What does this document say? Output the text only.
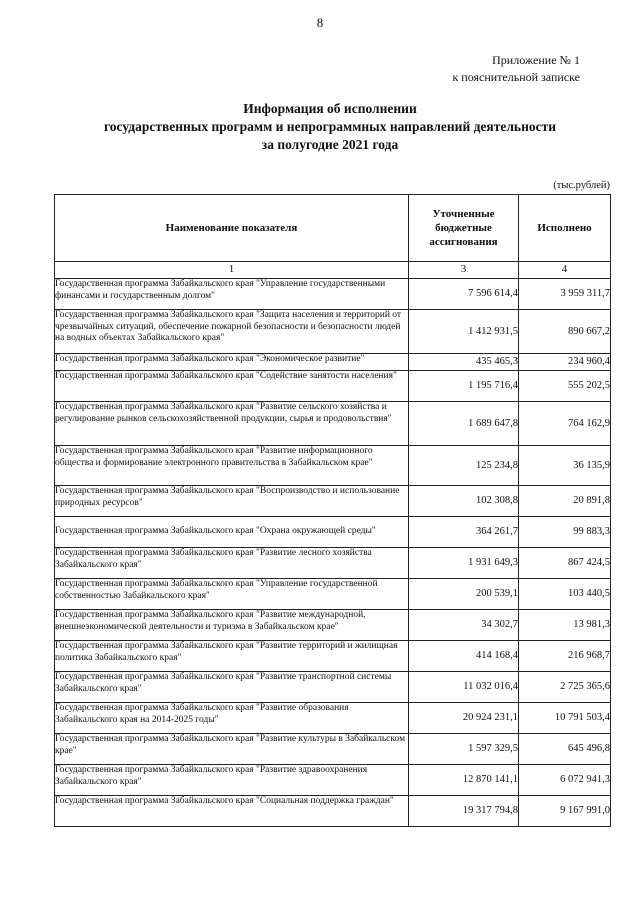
8
Приложение № 1
к пояснительной записке
Информация об исполнении
государственных программ и непрограммных направлений деятельности
за полугодие 2021 года
(тыс.рублей)
Наименование показателя	Уточненные бюджетные ассигнования	Исполнено
1	3	4
Государственная программа Забайкальского края "Управление государственными финансами и государственным долгом"	7 596 614,4	3 959 311,7
Государственная программа Забайкальского края "Защита населения и территорий от чрезвычайных ситуаций, обеспечение пожарной безопасности и безопасности людей на водных объектах Забайкальского края"	1 412 931,5	890 667,2
Государственная программа Забайкальского края "Экономическое развитие"	435 465,3	234 960,4
Государственная программа Забайкальского края "Содействие занятости населения"	1 195 716,4	555 202,5
Государственная программа Забайкальского края "Развитие сельского хозяйства и регулирование рынков сельскохозяйственной продукции, сырья и продовольствия"	1 689 647,8	764 162,9
Государственная программа Забайкальского края "Развитие информационного общества и формирование электронного правительства в Забайкальском крае"	125 234,8	36 135,9
Государственная программа Забайкальского края "Воспроизводство и использование природных ресурсов"	102 308,8	20 891,8
Государственная программа Забайкальского края "Охрана окружающей среды"	364 261,7	99 883,3
Государственная программа Забайкальского края "Развитие лесного хозяйства Забайкальского края"	1 931 649,3	867 424,5
Государственная программа Забайкальского края "Управление государственной собственностью Забайкальского края"	200 539,1	103 440,5
Государственная программа Забайкальского края "Развитие международной, внешнеэкономической деятельности и туризма в Забайкальском крае"	34 302,7	13 981,3
Государственная программа Забайкальского края "Развитие территорий и жилищная политика Забайкальского края"	414 168,4	216 968,7
Государственная программа Забайкальского края "Развитие транспортной системы Забайкальского края"	11 032 016,4	2 725 365,6
Государственная программа Забайкальского края "Развитие образования Забайкальского края на 2014-2025 годы"	20 924 231,1	10 791 503,4
Государственная программа Забайкальского края "Развитие культуры в Забайкальском крае"	1 597 329,5	645 496,8
Государственная программа Забайкальского края "Развитие здравоохранения Забайкальского края"	12 870 141,1	6 072 941,3
Государственная программа Забайкальского края "Социальная поддержка граждан"	19 317 794,8	9 167 991,0
